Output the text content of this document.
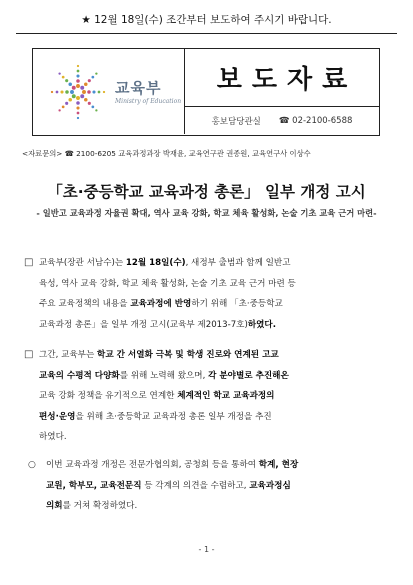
★ 12월 18일(수) 조간부터 보도하여 주시기 바랍니다.
교육부
Ministry of Education
보도자료
홍보담당관실 ☎ 02-2100-6588
<자료문의> ☎ 2100-6205 교육과정과장 박재윤, 교육연구관 권종원, 교육연구사 이상수
「초·중등학교 교육과정 총론」 일부 개정 고시
- 일반고 교육과정 자율권 확대, 역사 교육 강화, 학교 체육 활성화, 논술 기초 교육 근거 마련-
□ 교육부(장관 서남수)는 12월 18일(수), 새정부 출범과 함께 일반고
육성, 역사 교육 강화, 학교 체육 활성화, 논술 기초 교육 근거 마련 등
주요 교육정책의 내용을 교육과정에 반영하기 위해 「초·중등학교
교육과정 총론」을 일부 개정 고시(교육부 제2013-7호)하였다.
□ 그간, 교육부는 학교 간 서열화 극복 및 학생 진로와 연계된 고교
교육의 수평적 다양화를 위해 노력해 왔으며, 각 분야별로 추진해온
교육 강화 정책을 유기적으로 연계한 체계적인 학교 교육과정의
편성·운영을 위해 초·중등학교 교육과정 총론 일부 개정을 추진
하였다.
○	이번 교육과정 개정은 전문가협의회, 공청회 등을 통하여 학계, 현장
교원, 학부모, 교육전문직 등 각계의 의견을 수렴하고, 교육과정심
의회를 거쳐 확정하였다.
- 1 -
